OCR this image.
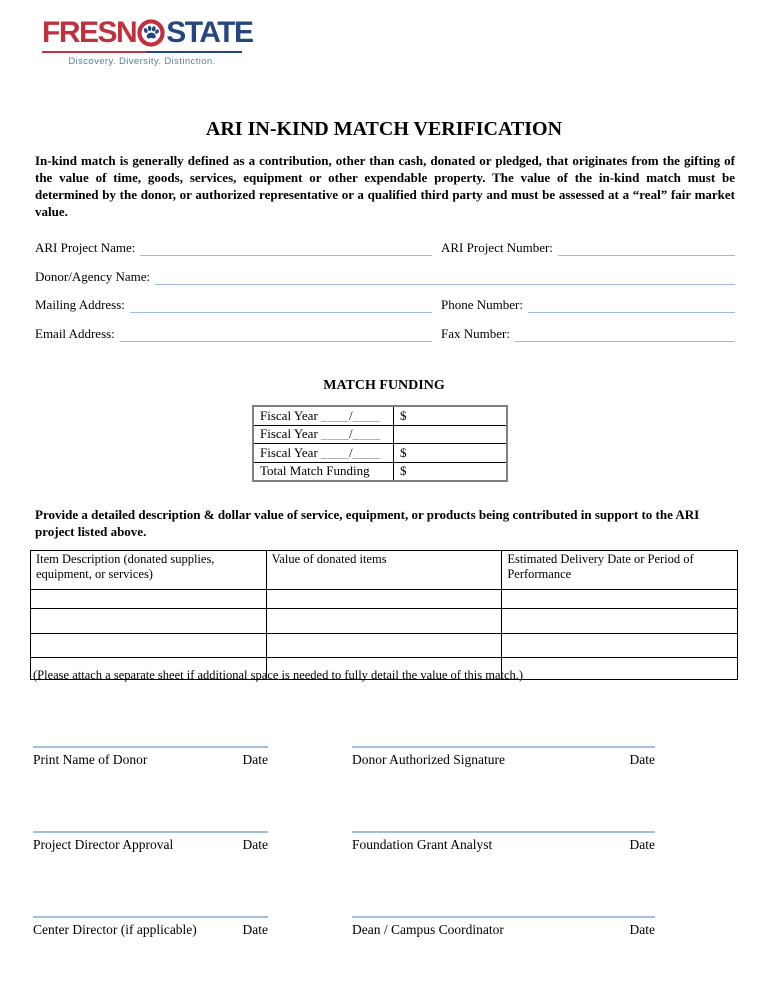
FRESN STATE
Discovery. Diversity. Distinction.
ARI IN-KIND MATCH VERIFICATION

In-kind match is generally defined as a contribution, other than cash, donated or pledged, that originates from the gifting of the value of time, goods, services, equipment or other expendable property. The value of the in-kind match must be determined by the donor, or authorized representative or a qualified third party and must be assessed at a “real” fair market value.

ARI Project Name:	ARI Project Number:
Donor/Agency Name:
Mailing Address:	Phone Number:
Email Address:	Fax Number:
MATCH FUNDING
Fiscal Year ____/____	$
Fiscal Year ____/____	
Fiscal Year ____/____	$
Total Match Funding	$

Provide a detailed description & dollar value of service, equipment, or products being contributed in support to the ARI project listed above.

Item Description (donated supplies, equipment, or services)	Value of donated items	Estimated Delivery Date or Period of Performance

(Please attach a separate sheet if additional space is needed to fully detail the value of this match.)

Print Name of Donor	Date	Donor Authorized Signature	Date
Project Director Approval	Date	Foundation Grant Analyst	Date
Center Director (if applicable)	Date	Dean / Campus Coordinator	Date
